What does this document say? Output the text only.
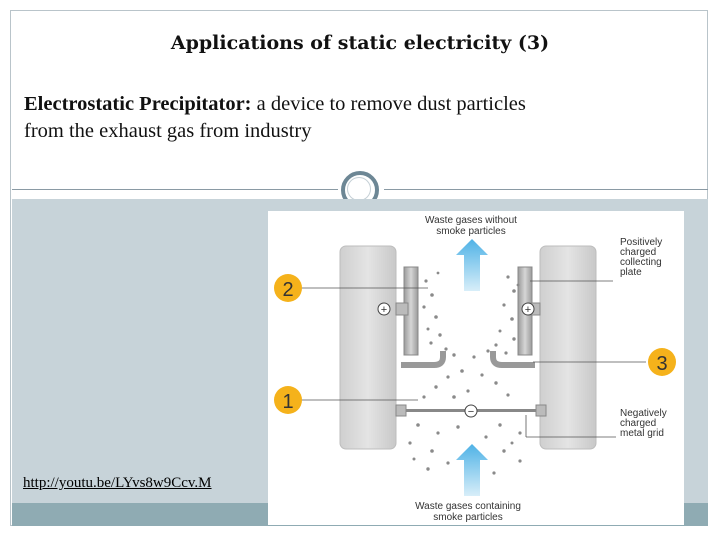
Applications of static electricity (3)
Electrostatic Precipitator: a device to remove dust particles
from the exhaust gas from industry
+	+
−
2
1
3
Waste gases without
smoke particles
Positively
charged
collecting
plate
Negatively
charged
metal grid
Waste gases containing
smoke particles
http://youtu.be/LYvs8w9Ccv.M
